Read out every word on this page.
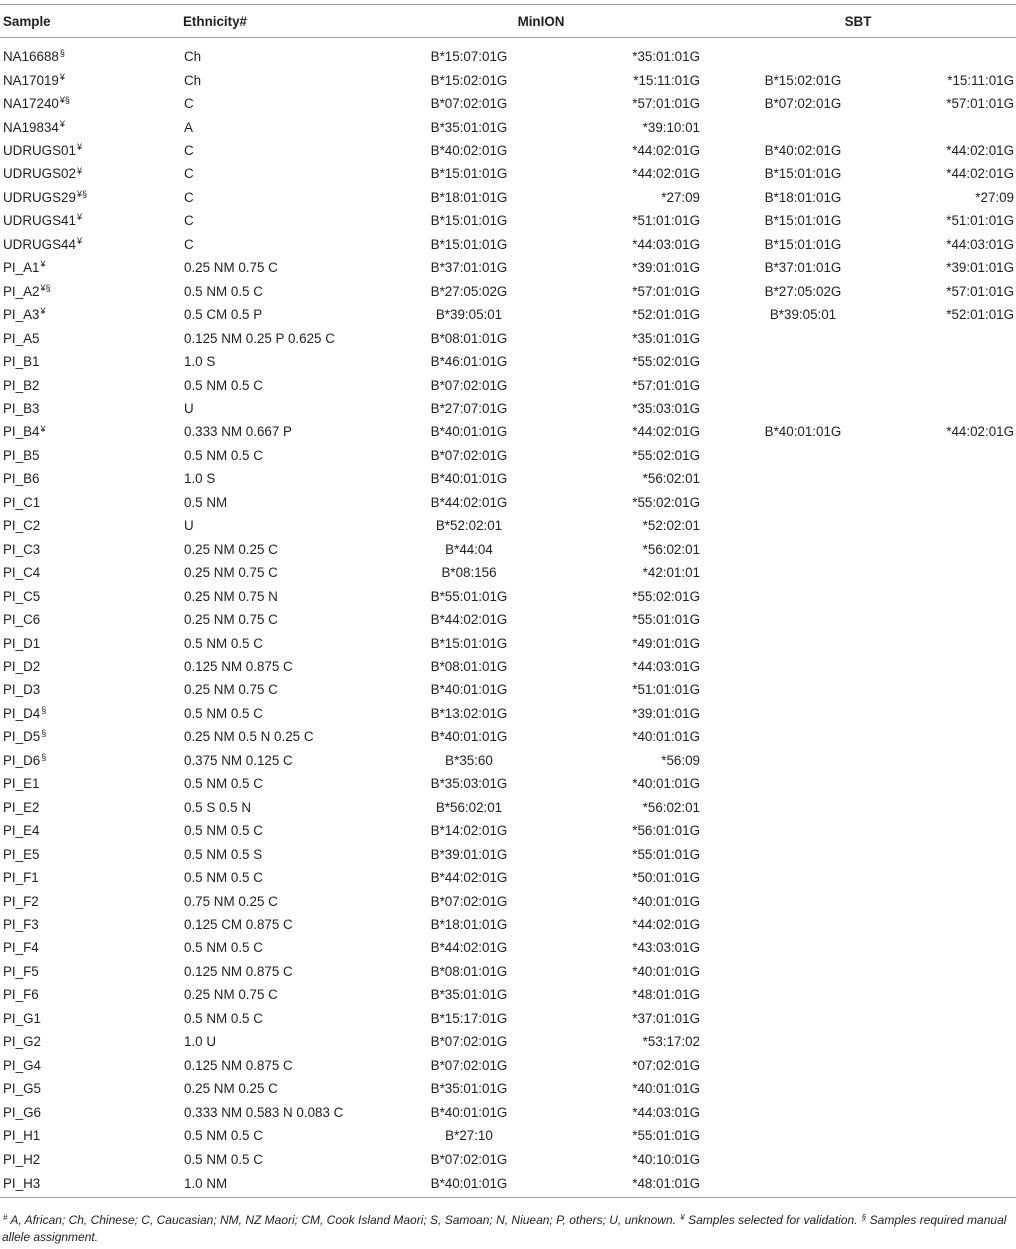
Sample	Ethnicity#	MinION		SBT	
NA16688§	Ch	B*15:07:01G	*35:01:01G		
NA17019¥	Ch	B*15:02:01G	*15:11:01G	B*15:02:01G	*15:11:01G
NA17240¥§	C	B*07:02:01G	*57:01:01G	B*07:02:01G	*57:01:01G
NA19834¥	A	B*35:01:01G	*39:10:01		
UDRUGS01¥	C	B*40:02:01G	*44:02:01G	B*40:02:01G	*44:02:01G
UDRUGS02¥	C	B*15:01:01G	*44:02:01G	B*15:01:01G	*44:02:01G
UDRUGS29¥§	C	B*18:01:01G	*27:09	B*18:01:01G	*27:09
UDRUGS41¥	C	B*15:01:01G	*51:01:01G	B*15:01:01G	*51:01:01G
UDRUGS44¥	C	B*15:01:01G	*44:03:01G	B*15:01:01G	*44:03:01G
PI_A1¥	0.25 NM 0.75 C	B*37:01:01G	*39:01:01G	B*37:01:01G	*39:01:01G
PI_A2¥§	0.5 NM 0.5 C	B*27:05:02G	*57:01:01G	B*27:05:02G	*57:01:01G
PI_A3¥	0.5 CM 0.5 P	B*39:05:01	*52:01:01G	B*39:05:01	*52:01:01G
PI_A5	0.125 NM 0.25 P 0.625 C	B*08:01:01G	*35:01:01G		
PI_B1	1.0 S	B*46:01:01G	*55:02:01G		
PI_B2	0.5 NM 0.5 C	B*07:02:01G	*57:01:01G		
PI_B3	U	B*27:07:01G	*35:03:01G		
PI_B4¥	0.333 NM 0.667 P	B*40:01:01G	*44:02:01G	B*40:01:01G	*44:02:01G
PI_B5	0.5 NM 0.5 C	B*07:02:01G	*55:02:01G		
PI_B6	1.0 S	B*40:01:01G	*56:02:01		
PI_C1	0.5 NM	B*44:02:01G	*55:02:01G		
PI_C2	U	B*52:02:01	*52:02:01		
PI_C3	0.25 NM 0.25 C	B*44:04	*56:02:01		
PI_C4	0.25 NM 0.75 C	B*08:156	*42:01:01		
PI_C5	0.25 NM 0.75 N	B*55:01:01G	*55:02:01G		
PI_C6	0.25 NM 0.75 C	B*44:02:01G	*55:01:01G		
PI_D1	0.5 NM 0.5 C	B*15:01:01G	*49:01:01G		
PI_D2	0.125 NM 0.875 C	B*08:01:01G	*44:03:01G		
PI_D3	0.25 NM 0.75 C	B*40:01:01G	*51:01:01G		
PI_D4§	0.5 NM 0.5 C	B*13:02:01G	*39:01:01G		
PI_D5§	0.25 NM 0.5 N 0.25 C	B*40:01:01G	*40:01:01G		
PI_D6§	0.375 NM 0.125 C	B*35:60	*56:09		
PI_E1	0.5 NM 0.5 C	B*35:03:01G	*40:01:01G		
PI_E2	0.5 S 0.5 N	B*56:02:01	*56:02:01		
PI_E4	0.5 NM 0.5 C	B*14:02:01G	*56:01:01G		
PI_E5	0.5 NM 0.5 S	B*39:01:01G	*55:01:01G		
PI_F1	0.5 NM 0.5 C	B*44:02:01G	*50:01:01G		
PI_F2	0.75 NM 0.25 C	B*07:02:01G	*40:01:01G		
PI_F3	0.125 CM 0.875 C	B*18:01:01G	*44:02:01G		
PI_F4	0.5 NM 0.5 C	B*44:02:01G	*43:03:01G		
PI_F5	0.125 NM 0.875 C	B*08:01:01G	*40:01:01G		
PI_F6	0.25 NM 0.75 C	B*35:01:01G	*48:01:01G		
PI_G1	0.5 NM 0.5 C	B*15:17:01G	*37:01:01G		
PI_G2	1.0 U	B*07:02:01G	*53:17:02		
PI_G4	0.125 NM 0.875 C	B*07:02:01G	*07:02:01G		
PI_G5	0.25 NM 0.25 C	B*35:01:01G	*40:01:01G		
PI_G6	0.333 NM 0.583 N 0.083 C	B*40:01:01G	*44:03:01G		
PI_H1	0.5 NM 0.5 C	B*27:10	*55:01:01G		
PI_H2	0.5 NM 0.5 C	B*07:02:01G	*40:10:01G		
PI_H3	1.0 NM	B*40:01:01G	*48:01:01G		
# A, African; Ch, Chinese; C, Caucasian; NM, NZ Maori; CM, Cook Island Maori; S, Samoan; N, Niuean; P, others; U, unknown. ¥ Samples selected for validation. § Samples required manual allele assignment.
